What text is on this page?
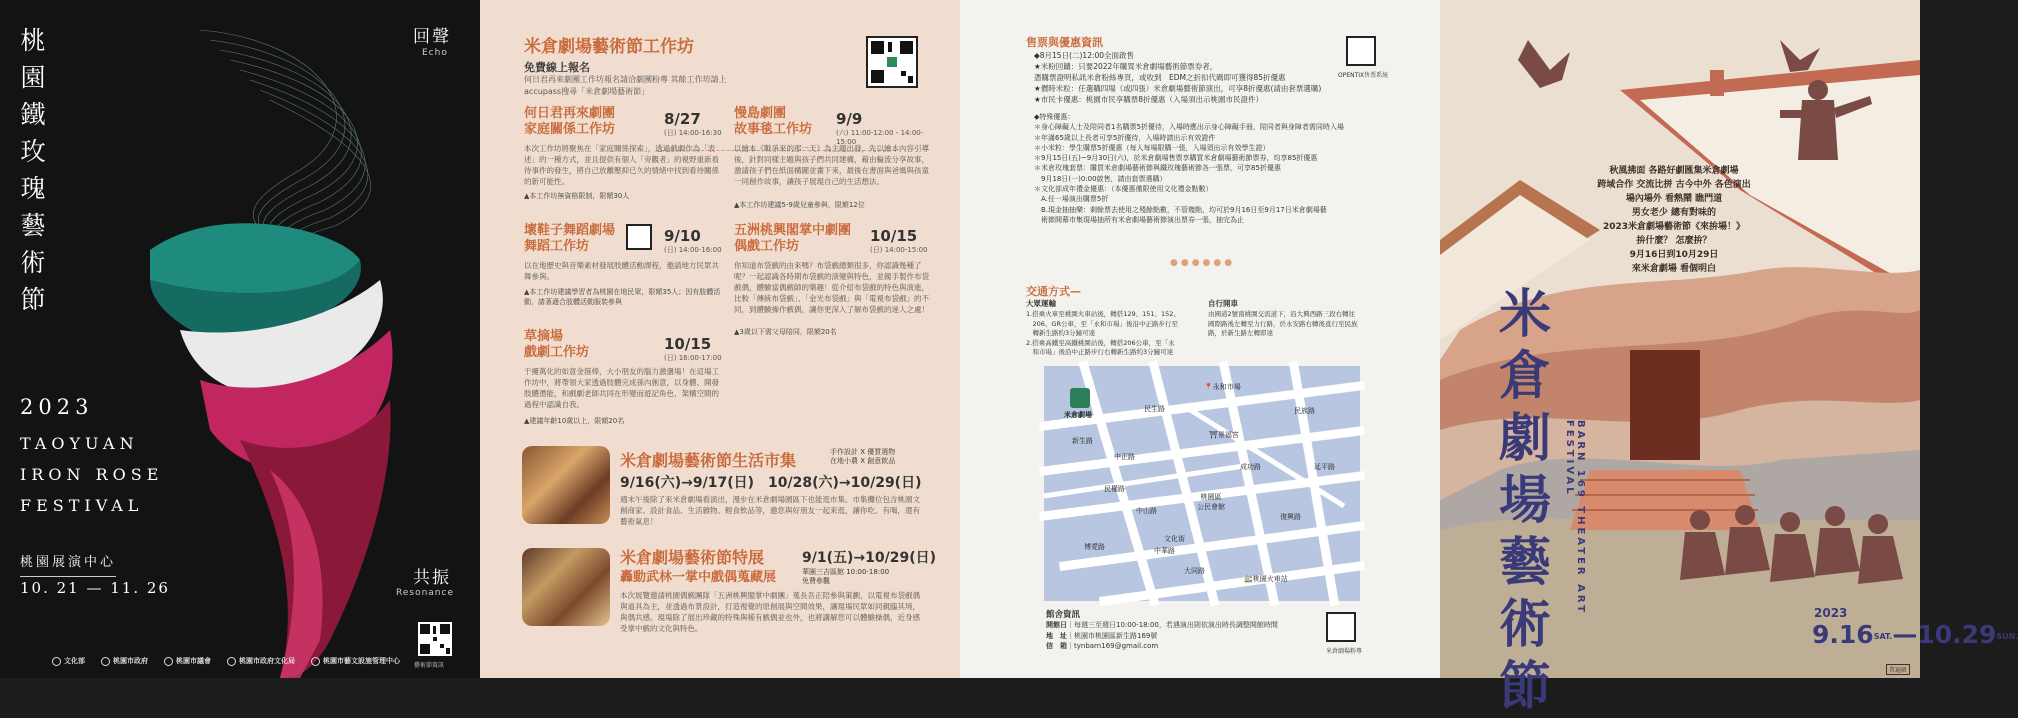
桃
園
鐵
玫
瑰
藝
術
節
2023
TAOYUAN
IRON ROSE
FESTIVAL
桃園展演中心
10. 21 — 11. 26
回聲
Echo
共振
Resonance
藝術節資訊
文化部	桃園市政府	桃園市議會	桃園市政府文化局	桃園市藝文設施管理中心
米倉劇場藝術節工作坊
免費線上報名
何日君再來劇團工作坊報名請洽劇團粉專 其餘工作坊請上accupass搜尋「米倉劇場藝術節」
何日君再來劇團
家庭關係工作坊
8/27
(日) 14:00-16:30
本次工作坊將聚焦在「家庭關係探索」，透過戲劇作為「表述」的一種方式，並且提供有個人「旁觀者」的視野重新看待事件的發生，將自己放離壓抑已久的情緒中找到看待關係的新可能性。
▲本工作坊無資格限制，限額30人
慢島劇團
故事毯工作坊
9/9
(六) 11:00-12:00・14:00-15:00
以繪本《戰爭來的那一天》為主題出發，先以繪本內容引導後，針對同樣主題與孩子們共同建構，藉由輪流分享故事，激請孩子們在紙面構圖並畫下來，最後在書面與爸媽與孩童一同創作故事，讓孩子展現自己的生活想法。
▲本工作坊建議5-9歲兒童參與，限額12位
壞鞋子舞蹈劇場
舞蹈工作坊
9/10
(日) 14:00-16:00
以在地歷史與音樂素材發展肢體活動課程，邀請地方民眾共舞參與。
▲本工作坊建議學習者為桃園在地民眾，限額35人；因有肢體活動，請著適合肢體活動服裝參與
五洲桃興閣掌中劇團
偶戲工作坊
10/15
(日) 14:00-15:00
你知道布袋戲的由來嗎？布袋戲總類很多，你認識幾種了呢？一起認識各時期布袋戲的演變與特色，並親手製作布袋戲偶，體驗當偶戲師的樂趣！從介紹布袋戲的特色與演進，比較「傳統布袋戲」、「金光布袋戲」與「電視布袋戲」的不同，到體驗操作戲偶，讓你更深入了解布袋戲的迷人之處！
▲3歲以下需父母陪同，限額20名
草摘場
戲劇工作坊	10/15
(日) 16:00-17:00
干擾萬化的如意金箍棒，大小朋友的腦力激盪場！在這場工作坊中，將帶領大家透過肢體完成孫內創意，以身體、開發肢體潛能，和戲劇老師共同在形變而遊記角色、架構空間的過程中認識自我。
▲建議年齡10歲以上，限額20名
米倉劇場藝術節生活市集	手作設計 X 優質選物
在地小農 X 創意飲品
9/16(六)→9/17(日)　10/28(六)→10/29(日)
週末午後除了來米倉劇場看演出，漫步在米倉劇場園區下也能逛市集。市集攤位包含桃園文創商家、設計食品、生活雜物、輕食飲品等，邀您與好朋友一起來逛，讓你吃、有喝，還有藝術氣息！
米倉劇場藝術節特展
轟動武林一掌中戲偶蒐藏展
9/1(五)→10/29(日)
華園三吉區館 10:00-18:00
免費參觀
本次展覽邀請桃園偶戲團隊「五洲桃興閣掌中劇團」蒐長吾正陪參與策劃，以電視布袋戲偶與道具為主，並透過布景設計，打造視覺的原創展與空間效果，讓現場民眾如同親臨其境，與偶共感。現場除了展出珍藏的特殊與稀有戲偶並也外，也將講解您可以體驗操偶，近身感受掌中戲的文化與特色。
售票與優惠資訊
◆8月15日(二)12:00全面啟售
★米粉回饋：只要2022年購買米倉劇場藝術節票券者，
憑購票證明私訊米倉粉絲專頁，或收到　EDM之折扣代碼即可獲得85折優惠
★價時米粒：任選購四場（或四張）米倉劇場藝術節演出，可享8折優惠(請由套票選購)
★市民卡優惠：桃園市民享購票8折優惠（入場須出示桃園市民證件）
OPENTIX售票系統
◆特殊優惠：
＊身心障礙人士及陪同者1名購票5折優待，入場時應出示身心障礙手冊，陪同者與身障者需同時入場
＊年滿65歲以上長者可享5折優待，入場時請出示有效證件
＊小米粒：學生購票5折優惠（每人每場限購一張，入場須出示有效學生證）
＊9月15日(五)~9月30日(六)，於米倉劇場售票享購買米倉劇場藝術節票券，均享85折優惠
＊米倉玫瑰套票：購買米倉劇場藝術節與鐵玫瑰藝術節各一張票，可享85折優惠
　9月18日(一)0:00啟售，請由套票選購）
＊文化部成年禮金優惠：（本優惠僅限使用文化禮金點數）
　A.任一場演出購票5折
　B.現金抽抽樂：剩餘票去使用之殘餘點數，不管幾點，均可於9月16日至9月17日米倉劇場藝
　術節開幕市集現場抽所有米倉劇場藝術節演出票券一張，抽完為止
●●●●●●
交通方式—
大眾運輸
1.搭乘火車至桃園火車站後，轉搭129、151、152、
　206、GR公車，至「永和市場」後沿中正路步行至
　轉新生路約3分鐘可達
2.搭乘高鐵至高鐵桃園站後，轉搭206公車，至「永
　和市場」後沿中正路步行右轉新生路約3分鐘可達
自行開車
由國道2號南桃園交流道下，沿大興西路三段右轉往
國際路後左轉至力行路，於永安路右轉後直行至民族
路，於新生路左轉即達
米倉劇場
📍永和市場
⛩景福宮
桃園區
公民會館
🚉桃園火車站
民生路
新生路
中正路
成功路
中山路
博愛路
復興路
民族路
民權路
文化街
大同路
中華路
延平路
館舍資訊
開館日｜每週三至週日10:00-18:00，若遇演出則依演出時長調整開館時間
地　址｜桃園市桃園區新生路169號
信　箱｜tynbarn169@gmail.com
米倉劇場粉專
秋風拂面 各路好劇匯集米倉劇場
跨域合作 交流比拼 古今中外 各色演出
場內場外 看熱鬧 瞧門道
男女老少 總有對味的
2023米倉劇場藝術節《來拚場！》
拚什麼？ 怎麼拚？
9月16日到10月29日
來米倉劇場 看個明白
米
倉
劇
場
藝
術
節
BARN 169 THEATER ART FESTIVAL
2023
9.16SAT.—10.29SUN.
普遍級
